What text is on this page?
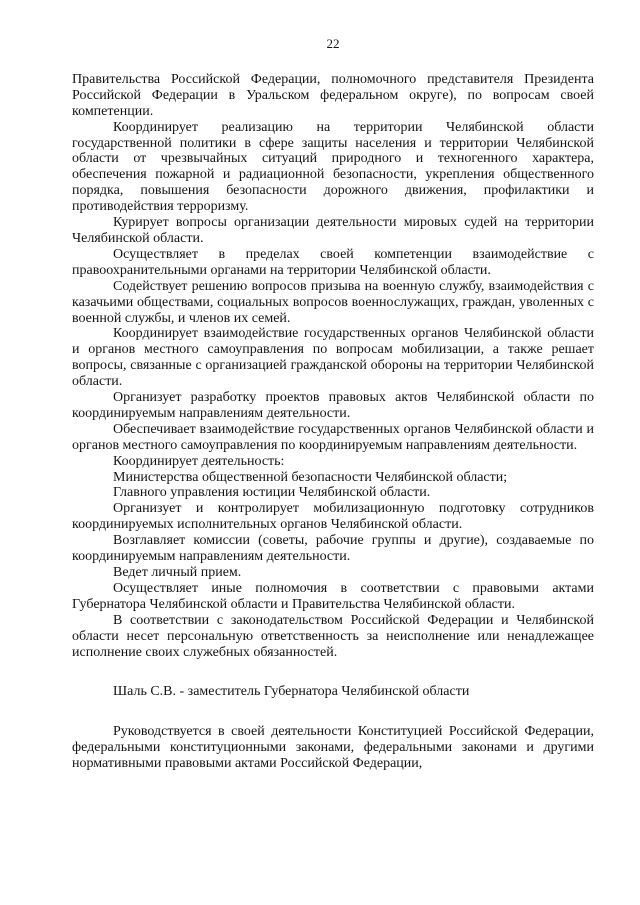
22

Правительства Российской Федерации, полномочного представителя Президента Российской Федерации в Уральском федеральном округе), по вопросам своей компетенции.

Координирует реализацию на территории Челябинской области государственной политики в сфере защиты населения и территории Челябинской области от чрезвычайных ситуаций природного и техногенного характера, обеспечения пожарной и радиационной безопасности, укрепления общественного порядка, повышения безопасности дорожного движения, профилактики и противодействия терроризму.

Курирует вопросы организации деятельности мировых судей на территории Челябинской области.

Осуществляет в пределах своей компетенции взаимодействие с правоохранительными органами на территории Челябинской области.

Содействует решению вопросов призыва на военную службу, взаимодействия с казачьими обществами, социальных вопросов военнослужащих, граждан, уволенных с военной службы, и членов их семей.

Координирует взаимодействие государственных органов Челябинской области и органов местного самоуправления по вопросам мобилизации, а также решает вопросы, связанные с организацией гражданской обороны на территории Челябинской области.

Организует разработку проектов правовых актов Челябинской области по координируемым направлениям деятельности.

Обеспечивает взаимодействие государственных органов Челябинской области и органов местного самоуправления по координируемым направлениям деятельности.

Координирует деятельность:

Министерства общественной безопасности Челябинской области;

Главного управления юстиции Челябинской области.

Организует и контролирует мобилизационную подготовку сотрудников координируемых исполнительных органов Челябинской области.

Возглавляет комиссии (советы, рабочие группы и другие), создаваемые по координируемым направлениям деятельности.

Ведет личный прием.

Осуществляет иные полномочия в соответствии с правовыми актами Губернатора Челябинской области и Правительства Челябинской области.

В соответствии с законодательством Российской Федерации и Челябинской области несет персональную ответственность за неисполнение или ненадлежащее исполнение своих служебных обязанностей.

Шаль С.В. - заместитель Губернатора Челябинской области

Руководствуется в своей деятельности Конституцией Российской Федерации, федеральными конституционными законами, федеральными законами и другими нормативными правовыми актами Российской Федерации,
